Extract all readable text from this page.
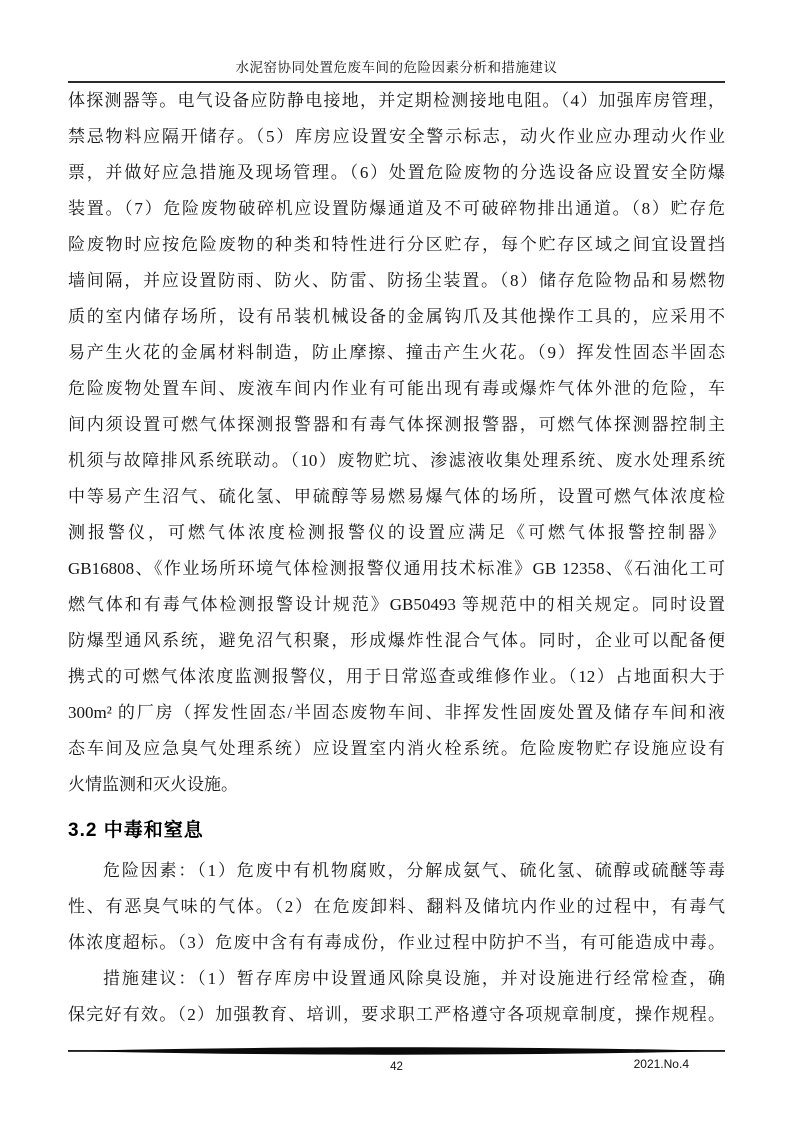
水泥窑协同处置危废车间的危险因素分析和措施建议
体探测器等。电气设备应防静电接地，并定期检测接地电阻。（4）加强库房管理，
禁忌物料应隔开储存。（5）库房应设置安全警示标志，动火作业应办理动火作业
票，并做好应急措施及现场管理。（6）处置危险废物的分选设备应设置安全防爆
装置。（7）危险废物破碎机应设置防爆通道及不可破碎物排出通道。（8）贮存危
险废物时应按危险废物的种类和特性进行分区贮存，每个贮存区域之间宜设置挡
墙间隔，并应设置防雨、防火、防雷、防扬尘装置。（8）储存危险物品和易燃物
质的室内储存场所，设有吊装机械设备的金属钩爪及其他操作工具的，应采用不
易产生火花的金属材料制造，防止摩擦、撞击产生火花。（9）挥发性固态半固态
危险废物处置车间、废液车间内作业有可能出现有毒或爆炸气体外泄的危险，车
间内须设置可燃气体探测报警器和有毒气体探测报警器，可燃气体探测器控制主
机须与故障排风系统联动。（10）废物贮坑、渗滤液收集处理系统、废水处理系统
中等易产生沼气、硫化氢、甲硫醇等易燃易爆气体的场所，设置可燃气体浓度检
测报警仪，可燃气体浓度检测报警仪的设置应满足《可燃气体报警控制器》
GB16808、《作业场所环境气体检测报警仪通用技术标准》GB 12358、《石油化工可
燃气体和有毒气体检测报警设计规范》GB50493 等规范中的相关规定。同时设置
防爆型通风系统，避免沼气积聚，形成爆炸性混合气体。同时，企业可以配备便
携式的可燃气体浓度监测报警仪，用于日常巡查或维修作业。（12）占地面积大于
300m² 的厂房（挥发性固态/半固态废物车间、非挥发性固废处置及储存车间和液
态车间及应急臭气处理系统）应设置室内消火栓系统。危险废物贮存设施应设有
火情监测和灭火设施。
3.2 中毒和窒息
危险因素：（1）危废中有机物腐败，分解成氨气、硫化氢、硫醇或硫醚等毒
性、有恶臭气味的气体。（2）在危废卸料、翻料及储坑内作业的过程中，有毒气
体浓度超标。（3）危废中含有有毒成份，作业过程中防护不当，有可能造成中毒。
措施建议：（1）暂存库房中设置通风除臭设施，并对设施进行经常检查，确
保完好有效。（2）加强教育、培训，要求职工严格遵守各项规章制度，操作规程。
42	2021.No.4
